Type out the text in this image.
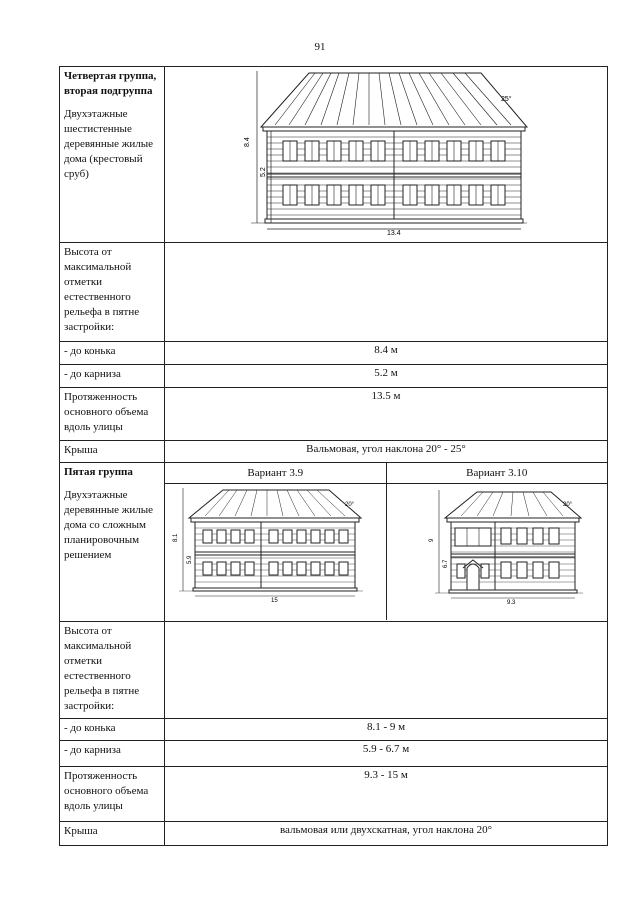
91
Четвертая группа, вторая подгруппа
Двухэтажные шестистенные деревянные жилые дома (крестовый сруб)

25°
8.4
5.2
13.4

Высота от максимальной отметки естественного рельефа в пятне застройки:	
- до конька	8.4 м
- до карниза	5.2 м
Протяженность основного объема вдоль улицы	13.5 м
Крыша	Вальмовая, угол наклона 20° - 25°

Пятая группа
Двухэтажные деревянные жилые дома со сложным планировочным решением

Вариант 3.9	Вариант 3.10

20°
8.1
5.9
15

20°
9
6.7
9.3

Высота от максимальной отметки естественного рельефа в пятне застройки:	
- до конька	8.1 - 9 м
- до карниза	5.9 - 6.7 м
Протяженность основного объема вдоль улицы	9.3 - 15 м
Крыша	вальмовая или двухскатная, угол наклона 20°
